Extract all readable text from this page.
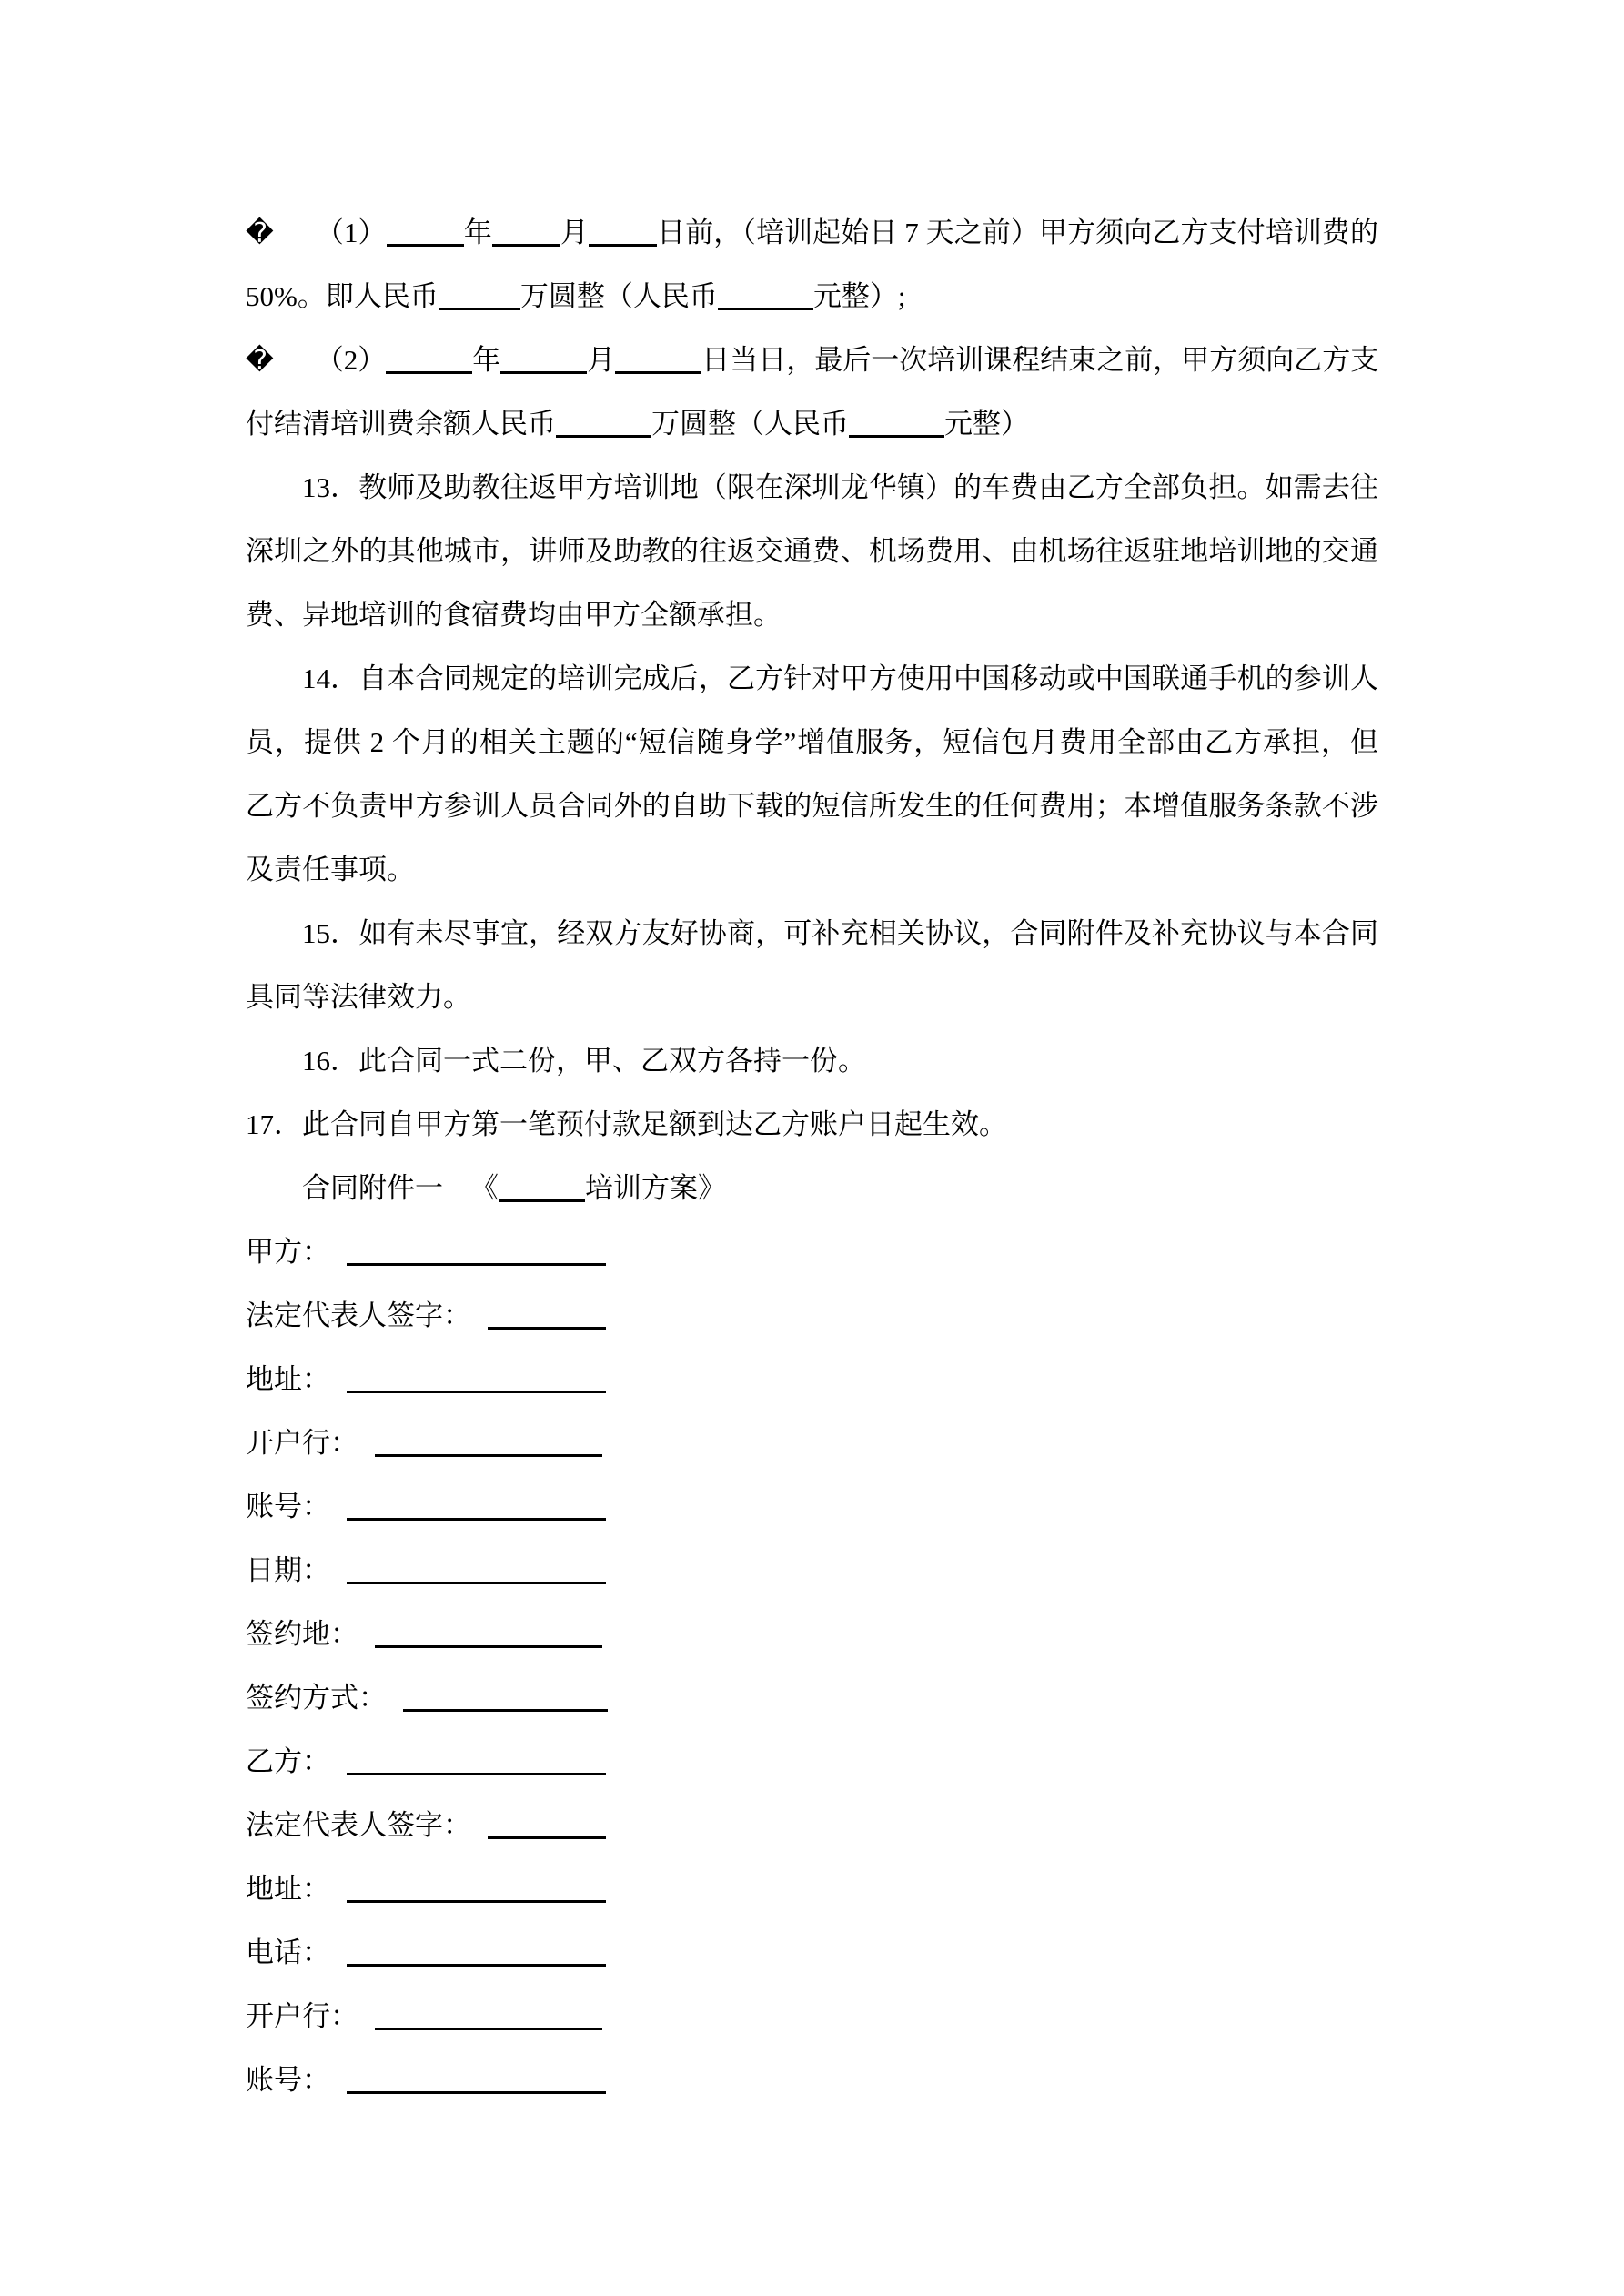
� （1）	年 月 日前，（培训起始日 7 天之前）甲方须向乙方支付培训费的
50%。即人民币	万圆整（人民币	元整）;
� （2）	年	月	日当日，最后一次培训课程结束之前，甲方须向乙方支
付结清培训费余额人民币	万圆整（人民币	元整）
13．教师及助教往返甲方培训地（限在深圳龙华镇）的车费由乙方全部负担。如需去往
深圳之外的其他城市，讲师及助教的往返交通费、机场费用、由机场往返驻地培训地的交通
费、异地培训的食宿费均由甲方全额承担。
14．自本合同规定的培训完成后，乙方针对甲方使用中国移动或中国联通手机的参训人
员，提供 2 个月的相关主题的“短信随身学”增值服务，短信包月费用全部由乙方承担，但
乙方不负责甲方参训人员合同外的自助下载的短信所发生的任何费用；本增值服务条款不涉
及责任事项。
15．如有未尽事宜，经双方友好协商，可补充相关协议，合同附件及补充协议与本合同
具同等法律效力。
16．此合同一式二份，甲、乙双方各持一份。
17．此合同自甲方第一笔预付款足额到达乙方账户日起生效。
合同附件一 《	培训方案》
甲方：
法定代表人签字：
地址：
开户行：
账号：
日期：
签约地：
签约方式：
乙方：
法定代表人签字：
地址：
电话：
开户行：
账号：
